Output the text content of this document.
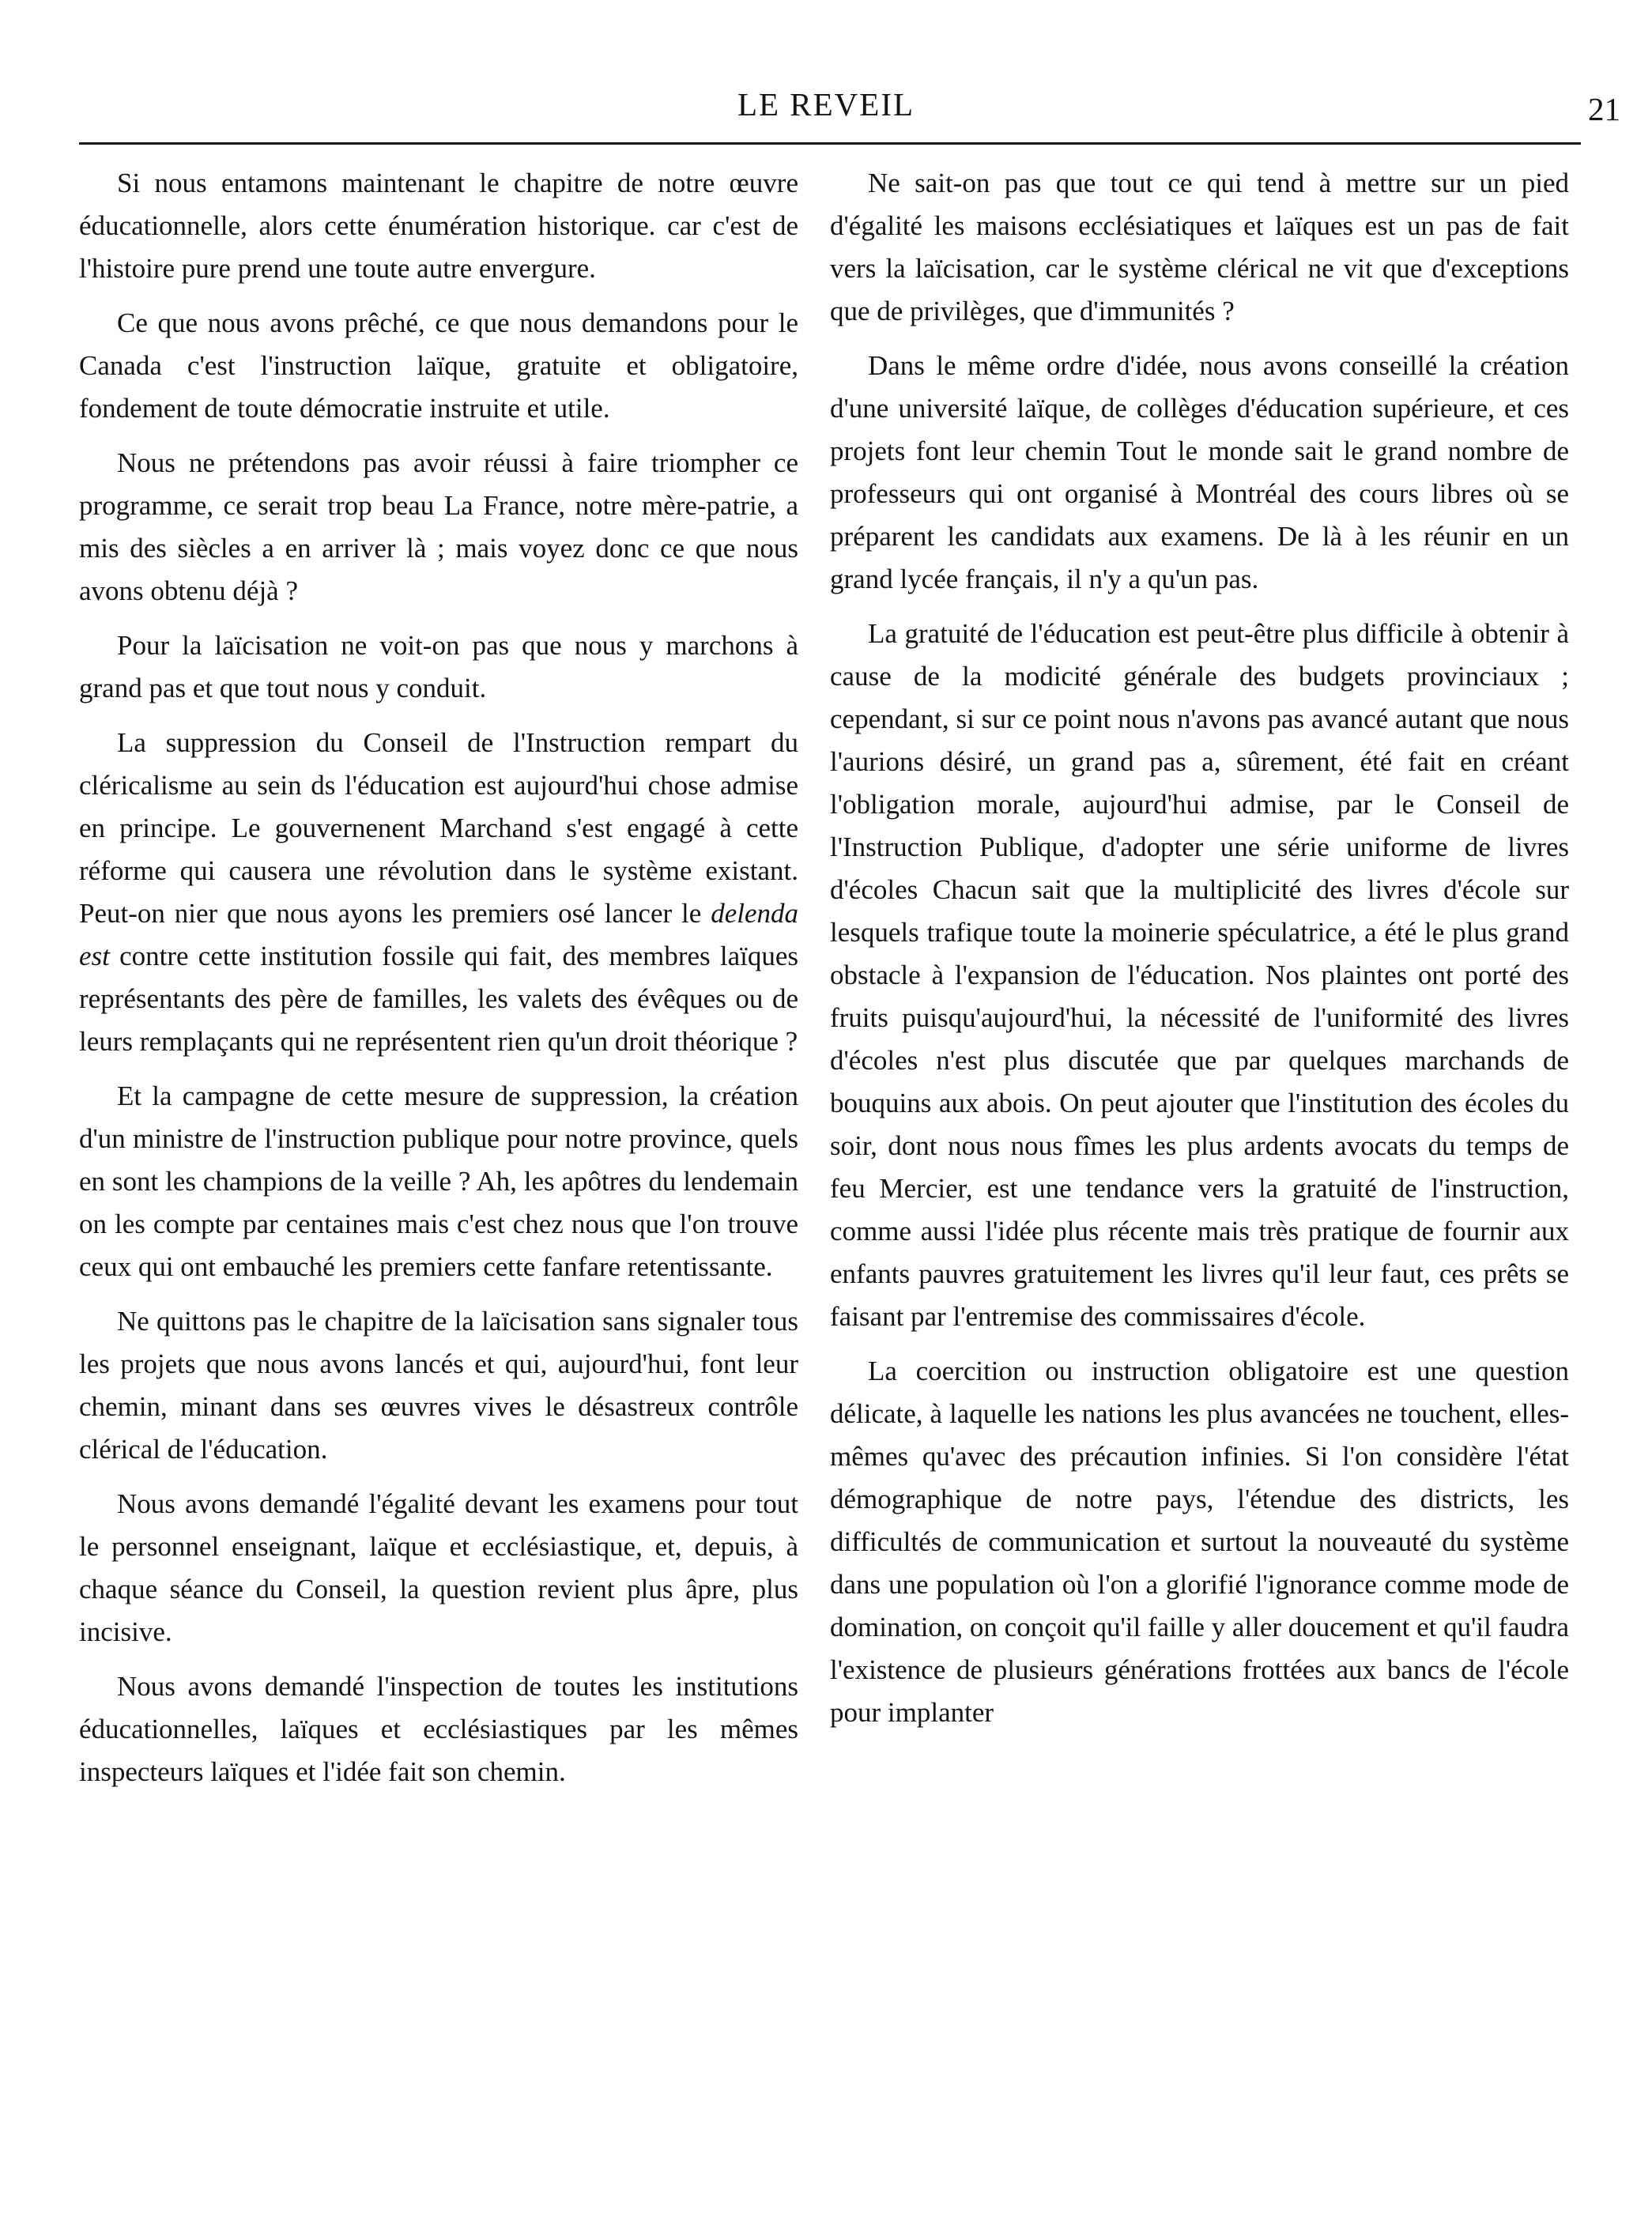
LE REVEIL	21

Si nous entamons maintenant le chapitre de notre œuvre éducationnelle, alors cette énumération historique. car c'est de l'histoire pure prend une toute autre envergure.

Ce que nous avons prêché, ce que nous demandons pour le Canada c'est l'instruction laïque, gratuite et obligatoire, fondement de toute démocratie instruite et utile.

Nous ne prétendons pas avoir réussi à faire triompher ce programme, ce serait trop beau La France, notre mère-patrie, a mis des siècles a en arriver là ; mais voyez donc ce que nous avons obtenu déjà ?

Pour la laïcisation ne voit-on pas que nous y marchons à grand pas et que tout nous y conduit.

La suppression du Conseil de l'Instruction rempart du cléricalisme au sein ds l'éducation est aujourd'hui chose admise en principe. Le gouvernenent Marchand s'est engagé à cette réforme qui causera une révolution dans le système existant. Peut-on nier que nous ayons les premiers osé lancer le delenda est contre cette institution fossile qui fait, des membres laïques représentants des père de familles, les valets des évêques ou de leurs remplaçants qui ne représentent rien qu'un droit théorique ?

Et la campagne de cette mesure de suppression, la création d'un ministre de l'instruction publique pour notre province, quels en sont les champions de la veille ? Ah, les apôtres du lendemain on les compte par centaines mais c'est chez nous que l'on trouve ceux qui ont embauché les premiers cette fanfare retentissante.

Ne quittons pas le chapitre de la laïcisation sans signaler tous les projets que nous avons lancés et qui, aujourd'hui, font leur chemin, minant dans ses œuvres vives le désastreux contrôle clérical de l'éducation.

Nous avons demandé l'égalité devant les examens pour tout le personnel enseignant, laïque et ecclésiastique, et, depuis, à chaque séance du Conseil, la question revient plus âpre, plus incisive.

Nous avons demandé l'inspection de toutes les institutions éducationnelles, laïques et ecclésiastiques par les mêmes inspecteurs laïques et l'idée fait son chemin.

Ne sait-on pas que tout ce qui tend à mettre sur un pied d'égalité les maisons ecclésiatiques et laïques est un pas de fait vers la laïcisation, car le système clérical ne vit que d'exceptions que de privilèges, que d'immunités ?

Dans le même ordre d'idée, nous avons conseillé la création d'une université laïque, de collèges d'éducation supérieure, et ces projets font leur chemin Tout le monde sait le grand nombre de professeurs qui ont organisé à Montréal des cours libres où se préparent les candidats aux examens. De là à les réunir en un grand lycée français, il n'y a qu'un pas.

La gratuité de l'éducation est peut-être plus difficile à obtenir à cause de la modicité générale des budgets provinciaux ; cependant, si sur ce point nous n'avons pas avancé autant que nous l'aurions désiré, un grand pas a, sûrement, été fait en créant l'obligation morale, aujourd'hui admise, par le Conseil de l'Instruction Publique, d'adopter une série uniforme de livres d'écoles Chacun sait que la multiplicité des livres d'école sur lesquels trafique toute la moinerie spéculatrice, a été le plus grand obstacle à l'expansion de l'éducation. Nos plaintes ont porté des fruits puisqu'aujourd'hui, la nécessité de l'uniformité des livres d'écoles n'est plus discutée que par quelques marchands de bouquins aux abois. On peut ajouter que l'institution des écoles du soir, dont nous nous fîmes les plus ardents avocats du temps de feu Mercier, est une tendance vers la gratuité de l'instruction, comme aussi l'idée plus récente mais très pratique de fournir aux enfants pauvres gratuitement les livres qu'il leur faut, ces prêts se faisant par l'entremise des commissaires d'école.

La coercition ou instruction obligatoire est une question délicate, à laquelle les nations les plus avancées ne touchent, elles-mêmes qu'avec des précaution infinies. Si l'on considère l'état démographique de notre pays, l'étendue des districts, les difficultés de communication et surtout la nouveauté du système dans une population où l'on a glorifié l'ignorance comme mode de domination, on conçoit qu'il faille y aller doucement et qu'il faudra l'existence de plusieurs générations frottées aux bancs de l'école pour implanter
